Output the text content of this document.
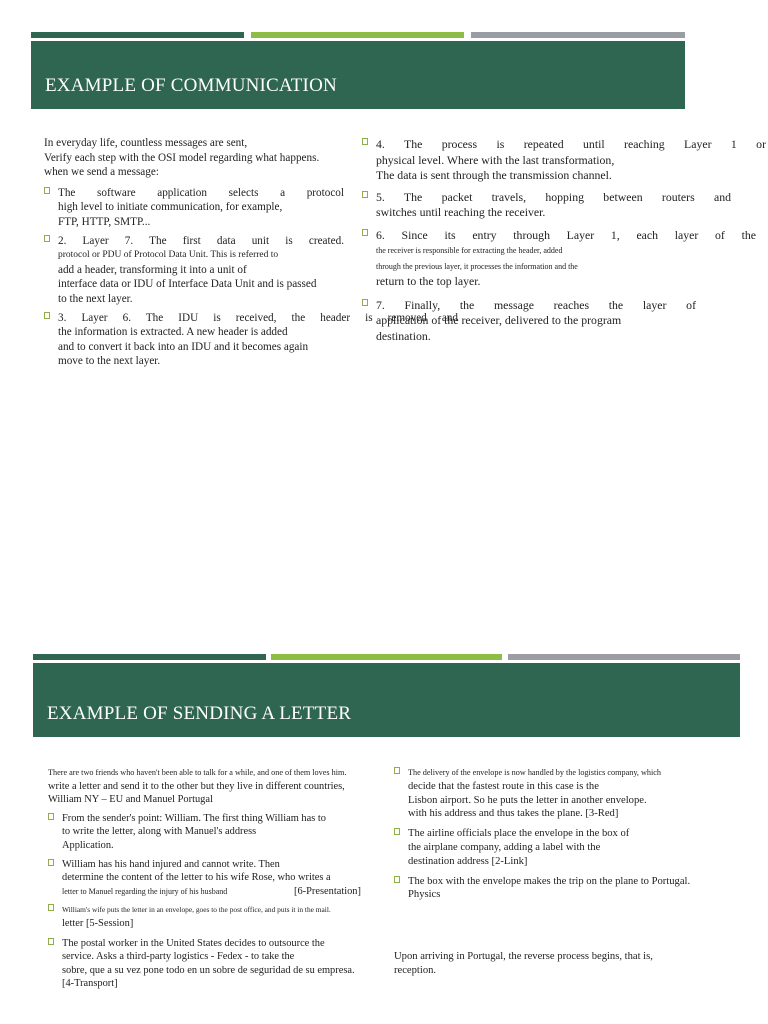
EXAMPLE OF COMMUNICATION

In everyday life, countless messages are sent,

Verify each step with the OSI model regarding what happens.

when we send a message:

The software application selects a protocol
high level to initiate communication, for example,
FTP, HTTP, SMTP...
2. Layer 7. The first data unit is created.
protocol or PDU of Protocol Data Unit. This is referred to
add a header, transforming it into a unit of
interface data or IDU of Interface Data Unit and is passed
to the next layer.
3. Layer 6. The IDU is received, the header is removed and
the information is extracted. A new header is added
and to convert it back into an IDU and it becomes again
move to the next layer.
4. The process is repeated until reaching Layer 1 or
physical level. Where with the last transformation,
The data is sent through the transmission channel.
5. The packet travels, hopping between routers and
switches until reaching the receiver.
6. Since its entry through Layer 1, each layer of the
the receiver is responsible for extracting the header, added
through the previous layer, it processes the information and the
return to the top layer.
7. Finally, the message reaches the layer of
application of the receiver, delivered to the program
destination.
EXAMPLE OF SENDING A LETTER

There are two friends who haven't been able to talk for a while, and one of them loves him.

write a letter and send it to the other but they live in different countries,

William NY – EU and Manuel Portugal

From the sender's point: William. The first thing William has to
to write the letter, along with Manuel's address
Application.
William has his hand injured and cannot write. Then
determine the content of the letter to his wife Rose, who writes a
letter to Manuel regarding the injury of his husband	[6-Presentation]
William's wife puts the letter in an envelope, goes to the post office, and puts it in the mail.
letter [5-Session]
The postal worker in the United States decides to outsource the
service. Asks a third-party logistics - Fedex - to take the
sobre, que a su vez pone todo en un sobre de seguridad de su empresa.
[4-Transport]
The delivery of the envelope is now handled by the logistics company, which
decide that the fastest route in this case is the
Lisbon airport. So he puts the letter in another envelope.
with his address and thus takes the plane. [3-Red]
The airline officials place the envelope in the box of
the airplane company, adding a label with the
destination address [2-Link]
The box with the envelope makes the trip on the plane to Portugal.
Physics

Upon arriving in Portugal, the reverse process begins, that is,

reception.
